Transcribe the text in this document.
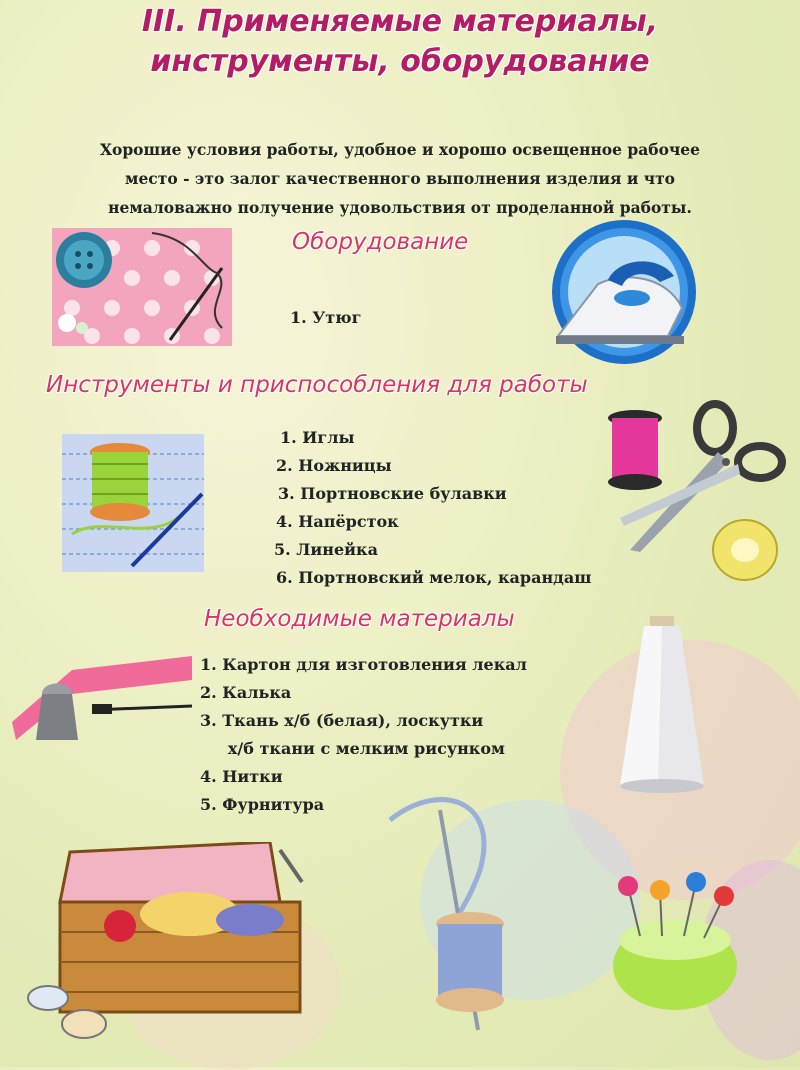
III. Применяемые материалы,
инструменты, оборудование
Хорошие условия работы, удобное и хорошо освещенное рабочее
место - это залог качественного выполнения изделия и что
немаловажно получение удовольствия от проделанной работы.
Оборудование
1. Утюг
Инструменты и приспособления для работы
1. Иглы
2. Ножницы
3. Портновские булавки
4. Напёрсток
5. Линейка
6. Портновский мелок, карандаш
Необходимые материалы
1. Картон для изготовления лекал
2. Калька
3. Ткань х/б (белая), лоскутки
х/б ткани с мелким рисунком
4. Нитки
5. Фурнитура
